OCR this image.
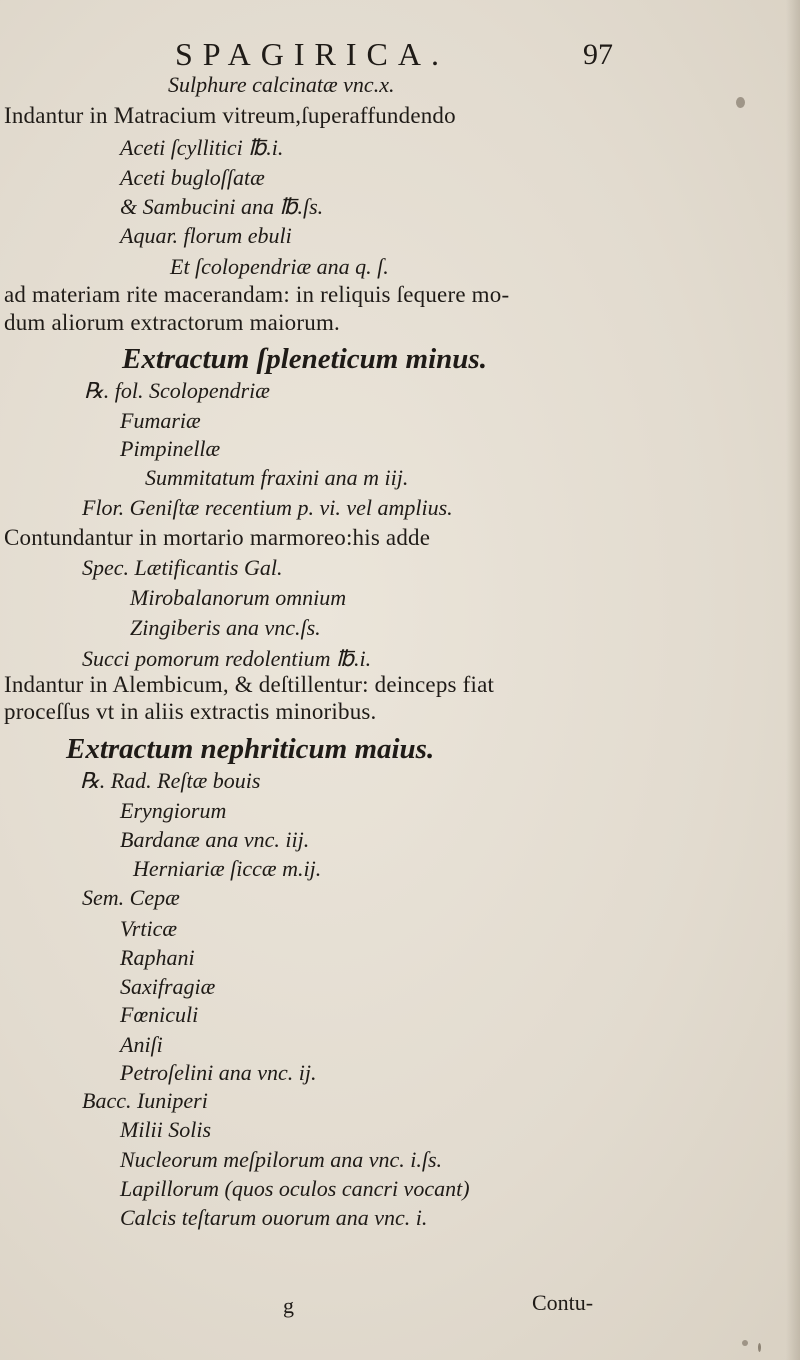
SPAGIRICA.	97
Sulphure calcinatæ vnc.x.
Indantur in Matracium vitreum,ſuperaffundendo
Aceti ſcyllitici ℔.i.
Aceti bugloſſatæ
& Sambucini ana ℔.ſs.
Aquar. florum ebuli
Et ſcolopendriæ ana q. ſ.
ad materiam rite macerandam: in reliquis ſequere mo-
dum aliorum extractorum maiorum.
Extractum ſpleneticum minus.
℞. fol. Scolopendriæ
Fumariæ
Pimpinellæ
Summitatum fraxini ana m iij.
Flor. Geniſtæ recentium p. vi. vel amplius.
Contundantur in mortario marmoreo:his adde
Spec. Lætificantis Gal.
Mirobalanorum omnium
Zingiberis ana vnc.ſs.
Succi pomorum redolentium ℔.i.
Indantur in Alembicum, & deſtillentur: deinceps fiat
proceſſus vt in aliis extractis minoribus.
Extractum nephriticum maius.
℞. Rad. Reſtæ bouis
Eryngiorum
Bardanæ ana vnc. iij.
Herniariæ ſiccæ m.ij.
Sem. Cepæ
Vrticæ
Raphani
Saxifragiæ
Fœniculi
Aniſi
Petroſelini ana vnc. ij.
Bacc. Iuniperi
Milii Solis
Nucleorum meſpilorum ana vnc. i.ſs.
Lapillorum (quos oculos cancri vocant)
Calcis teſtarum ouorum ana vnc. i.
g	Contu-
